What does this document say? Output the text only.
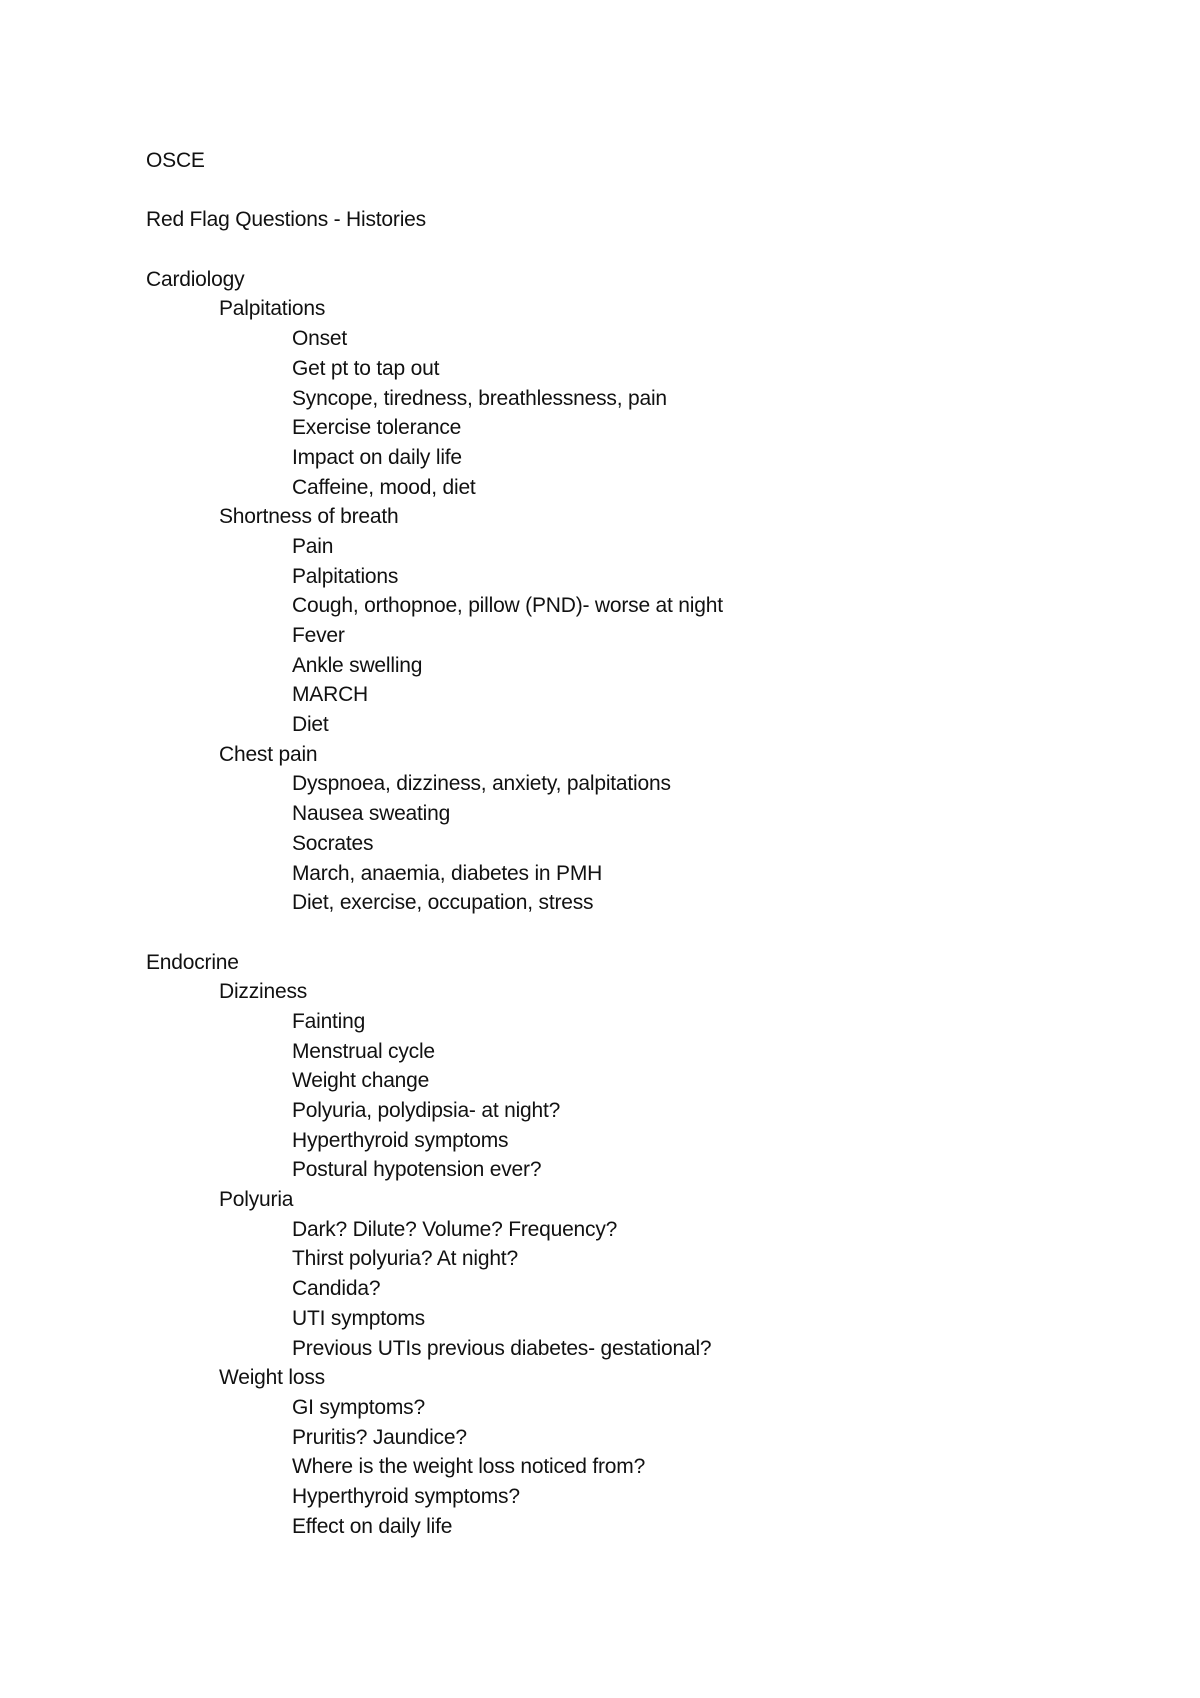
OSCE
Red Flag Questions - Histories
Cardiology
Palpitations
Onset
Get pt to tap out
Syncope, tiredness, breathlessness, pain
Exercise tolerance
Impact on daily life
Caffeine, mood, diet
Shortness of breath
Pain
Palpitations
Cough, orthopnoe, pillow (PND)- worse at night
Fever
Ankle swelling
MARCH
Diet
Chest pain
Dyspnoea, dizziness, anxiety, palpitations
Nausea sweating
Socrates
March, anaemia, diabetes in PMH
Diet, exercise, occupation, stress
Endocrine
Dizziness
Fainting
Menstrual cycle
Weight change
Polyuria, polydipsia- at night?
Hyperthyroid symptoms
Postural hypotension ever?
Polyuria
Dark? Dilute? Volume? Frequency?
Thirst polyuria? At night?
Candida?
UTI symptoms
Previous UTIs previous diabetes- gestational?
Weight loss
GI symptoms?
Pruritis? Jaundice?
Where is the weight loss noticed from?
Hyperthyroid symptoms?
Effect on daily life
